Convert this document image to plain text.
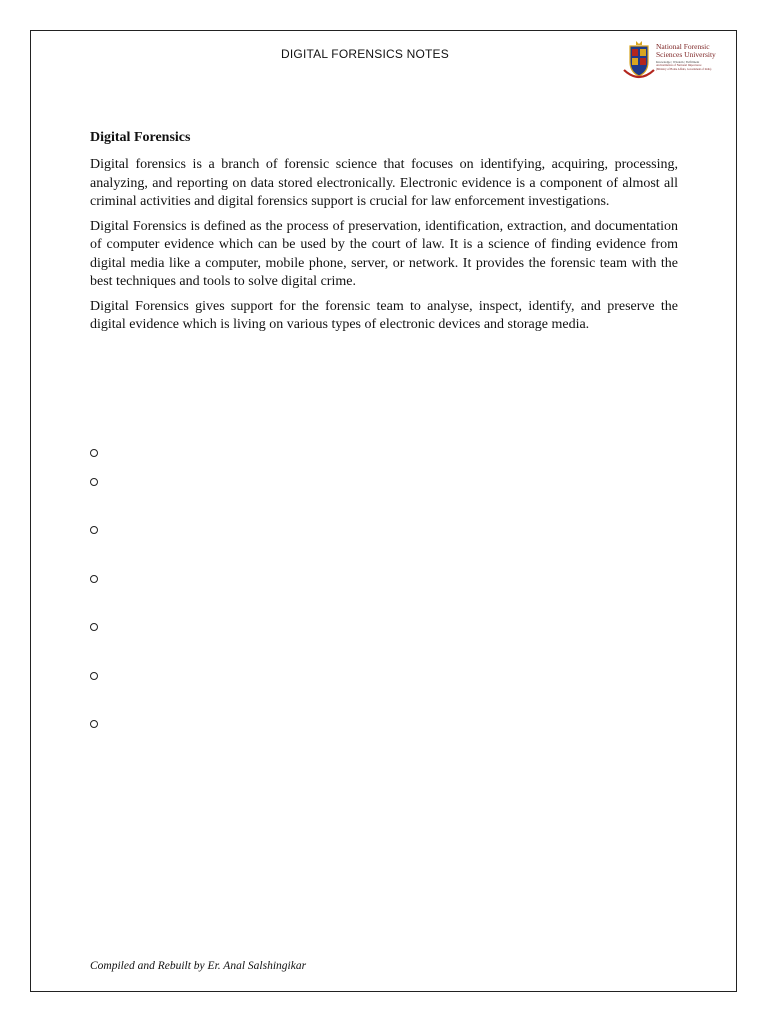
DIGITAL FORENSICS NOTES
National Forensic
Sciences University
Knowledge | Wisdom | Fulfilment
An Institution of National Importance
(Ministry of Home Affairs, Government of India)
Digital Forensics

Digital forensics is a branch of forensic science that focuses on identifying, acquiring, processing, analyzing, and reporting on data stored electronically. Electronic evidence is a component of almost all criminal activities and digital forensics support is crucial for law enforcement investigations.

Digital Forensics is defined as the process of preservation, identification, extraction, and documentation of computer evidence which can be used by the court of law. It is a science of finding evidence from digital media like a computer, mobile phone, server, or network. It provides the forensic team with the best techniques and tools to solve digital crime.

Digital Forensics gives support for the forensic team to analyse, inspect, identify, and preserve the digital evidence which is living on various types of electronic devices and storage media.

Compiled and Rebuilt by Er. Anal Salshingikar
